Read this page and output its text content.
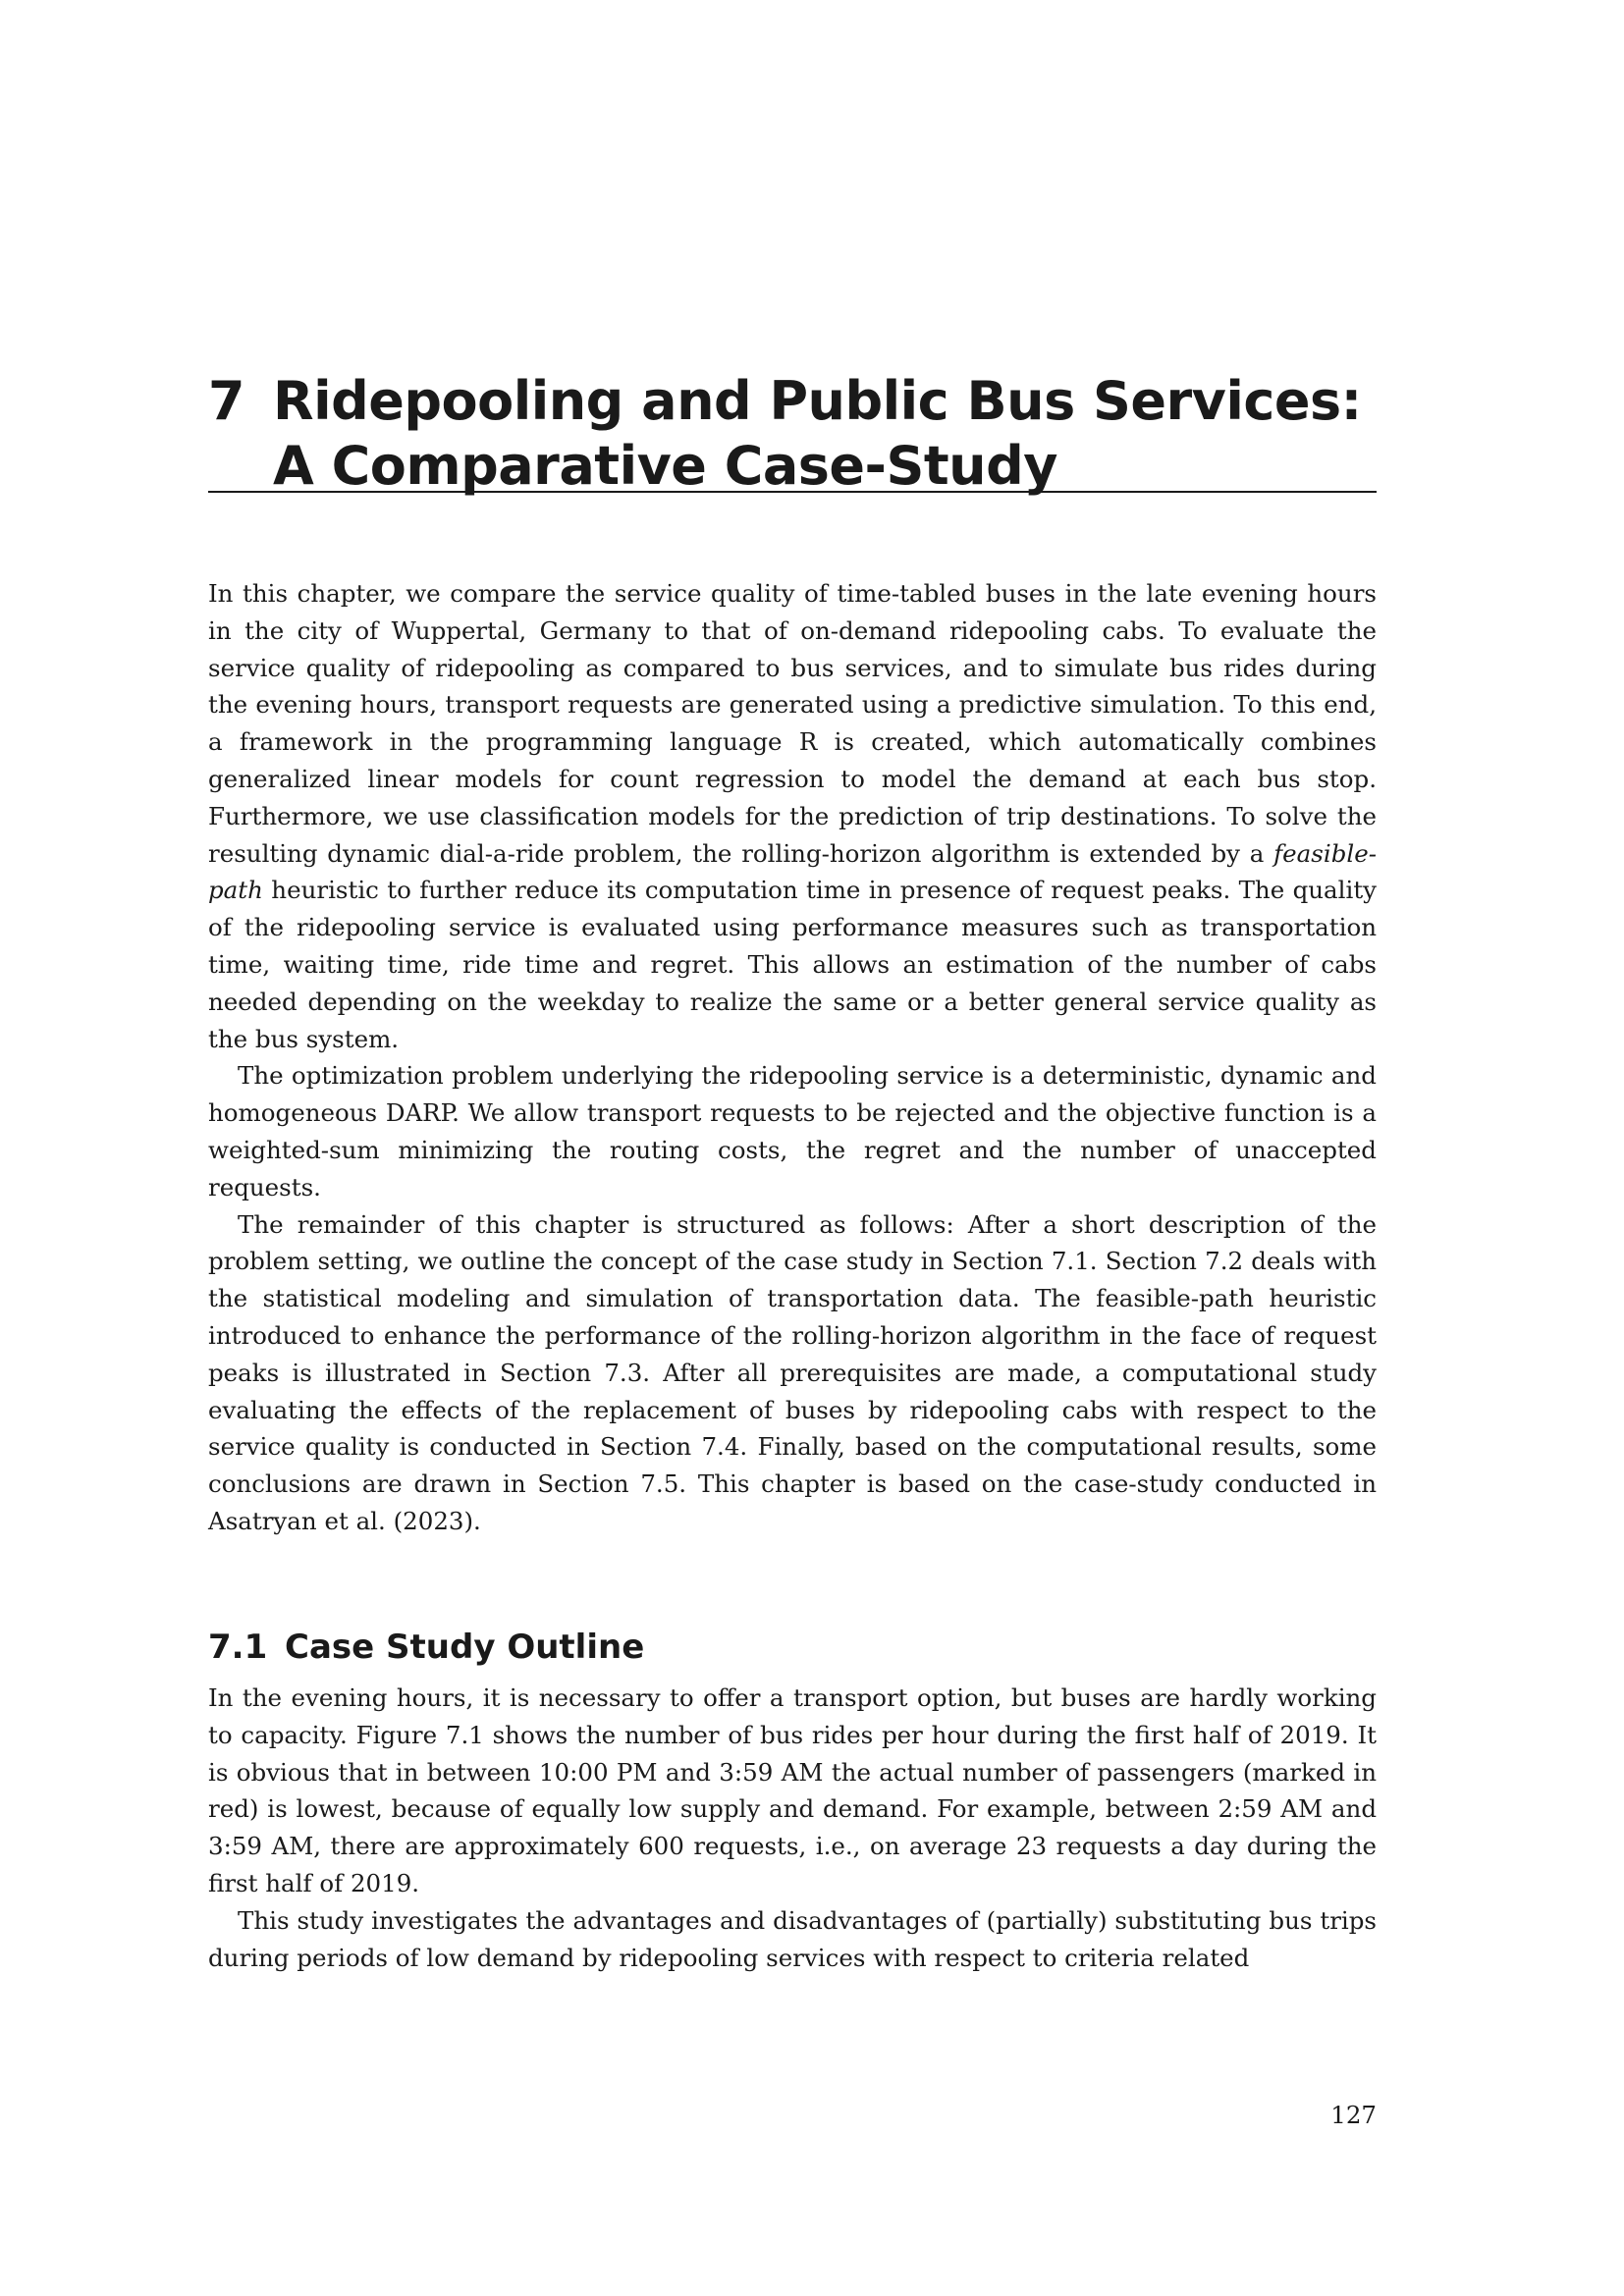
7 Ridepooling and Public Bus Services: A Comparative Case-Study

In this chapter, we compare the service quality of time-tabled buses in the late evening hours in the city of Wuppertal, Germany to that of on-demand ridepooling cabs. To evaluate the service quality of ridepooling as compared to bus services, and to simulate bus rides during the evening hours, transport requests are generated using a predictive simulation. To this end, a framework in the programming language R is created, which automatically combines generalized linear models for count regression to model the demand at each bus stop. Furthermore, we use classification models for the prediction of trip destinations. To solve the resulting dynamic dial-a-ride problem, the rolling-horizon algorithm is extended by a feasible-path heuristic to further reduce its computation time in presence of request peaks. The quality of the ridepooling service is evaluated using performance measures such as transportation time, waiting time, ride time and regret. This allows an estimation of the number of cabs needed depending on the weekday to realize the same or a better general service quality as the bus system.

The optimization problem underlying the ridepooling service is a deterministic, dynamic and homogeneous DARP. We allow transport requests to be rejected and the objective function is a weighted-sum minimizing the routing costs, the regret and the number of unaccepted requests.

The remainder of this chapter is structured as follows: After a short description of the problem setting, we outline the concept of the case study in Section 7.1. Section 7.2 deals with the statistical modeling and simulation of transportation data. The feasible-path heuristic introduced to enhance the performance of the rolling-horizon algorithm in the face of request peaks is illustrated in Section 7.3. After all prerequisites are made, a computational study evaluating the effects of the replacement of buses by ridepooling cabs with respect to the service quality is conducted in Section 7.4. Finally, based on the computational results, some conclusions are drawn in Section 7.5. This chapter is based on the case-study conducted in Asatryan et al. (2023).

7.1 Case Study Outline

In the evening hours, it is necessary to offer a transport option, but buses are hardly working to capacity. Figure 7.1 shows the number of bus rides per hour during the first half of 2019. It is obvious that in between 10:00 PM and 3:59 AM the actual number of passengers (marked in red) is lowest, because of equally low supply and demand. For example, between 2:59 AM and 3:59 AM, there are approximately 600 requests, i.e., on average 23 requests a day during the first half of 2019.

This study investigates the advantages and disadvantages of (partially) substituting bus trips during periods of low demand by ridepooling services with respect to criteria related

127
